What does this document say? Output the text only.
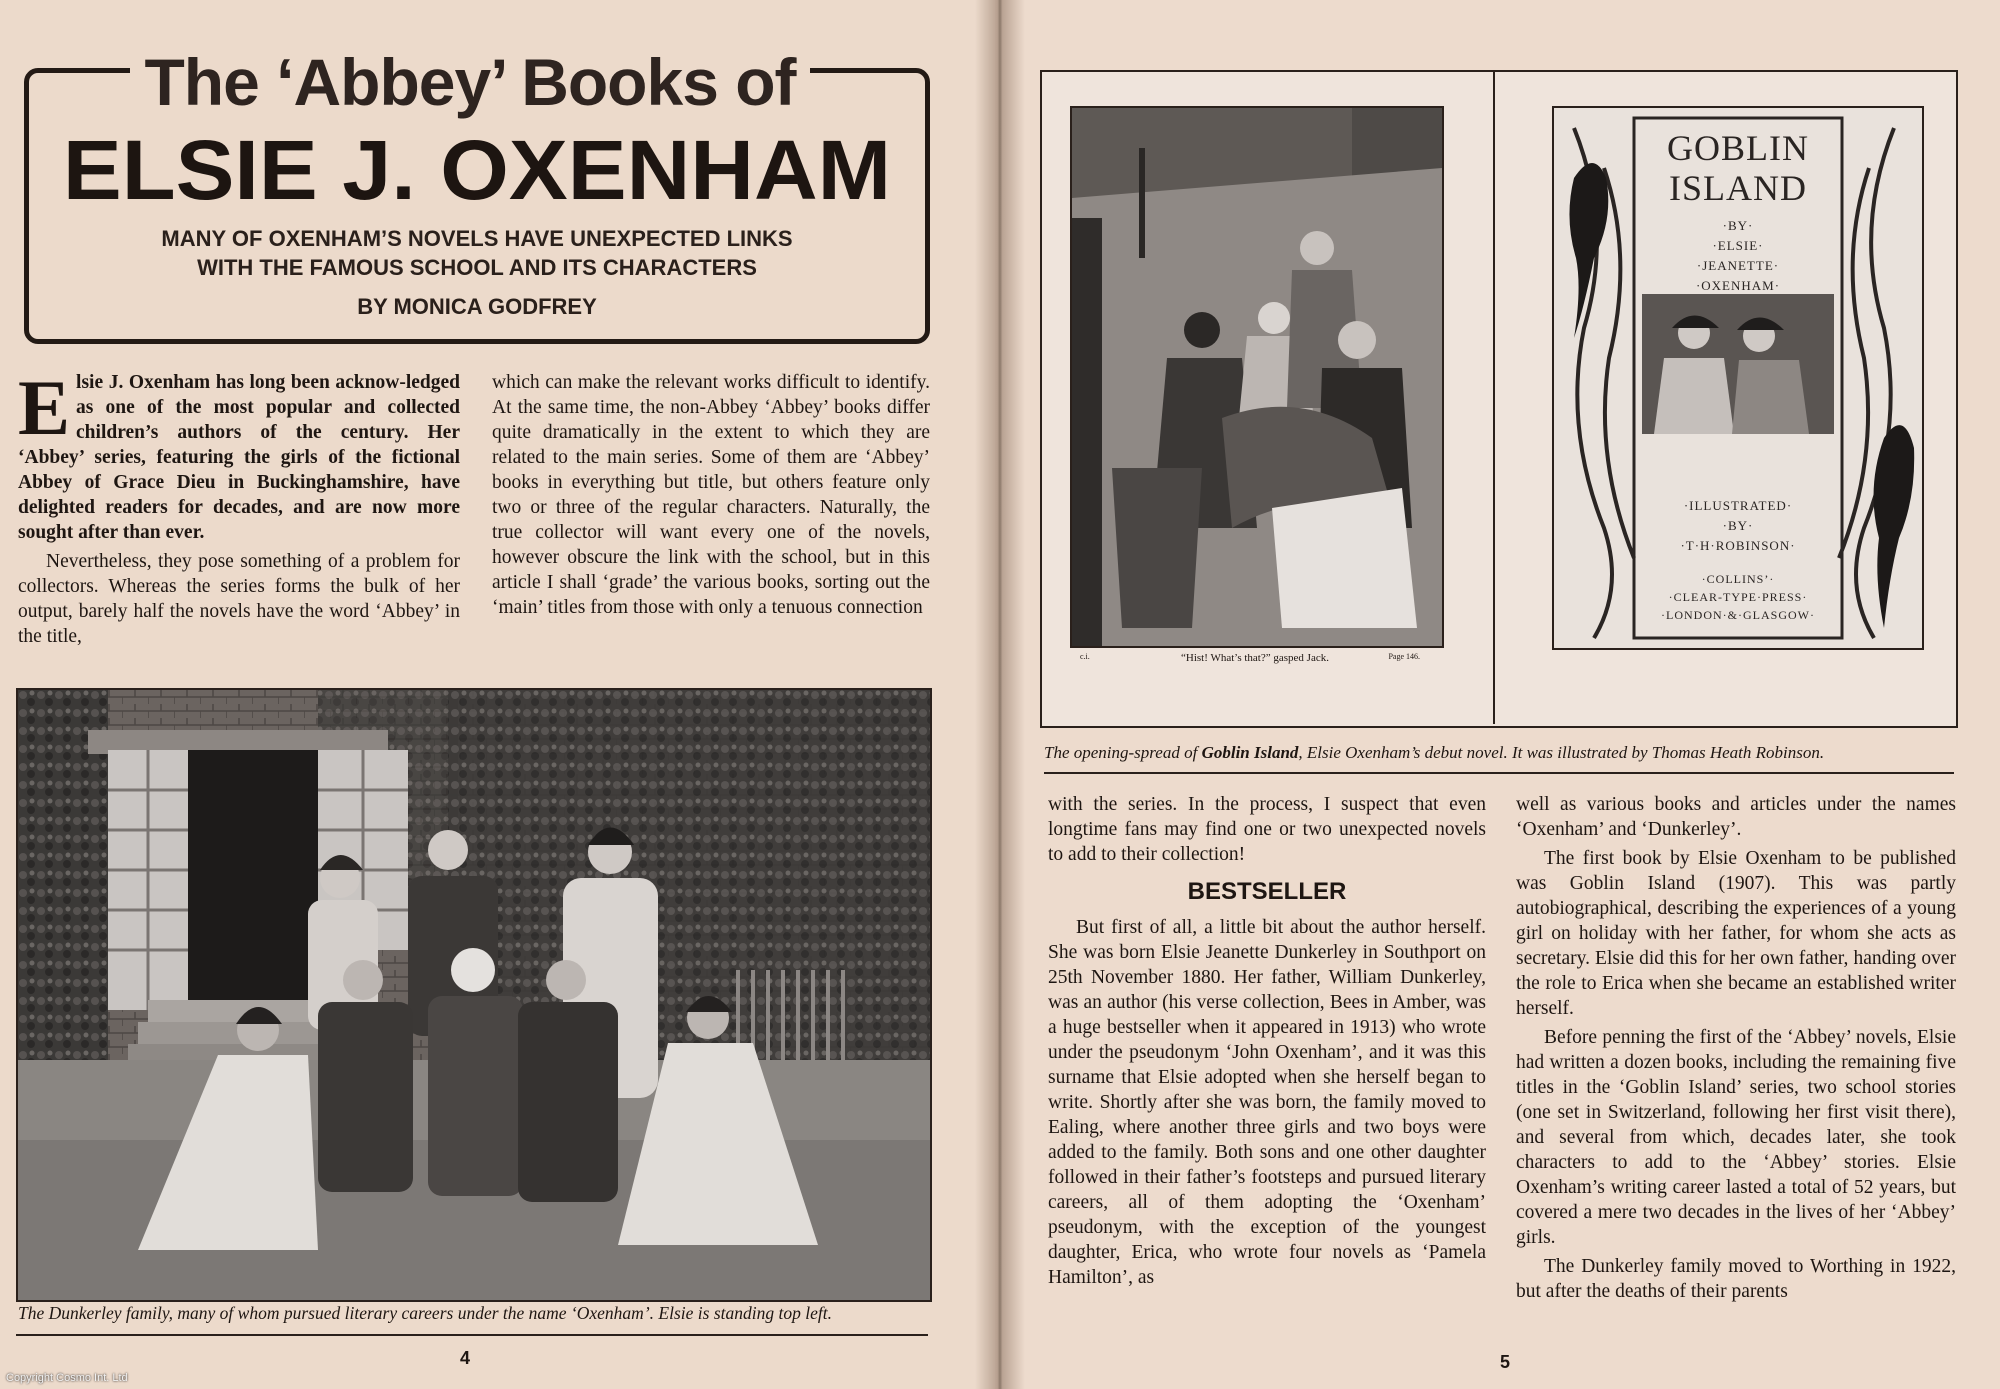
The ‘Abbey’ Books of
ELSIE J. OXENHAM
MANY OF OXENHAM’S NOVELS HAVE UNEXPECTED LINKS
WITH THE FAMOUS SCHOOL AND ITS CHARACTERS
BY MONICA GODFREY

Elsie J. Oxenham has long been acknow-ledged as one of the most popular and collected children’s authors of the century. Her ‘Abbey’ series, featuring the girls of the fictional Abbey of Grace Dieu in Buckinghamshire, have delighted readers for decades, and are now more sought after than ever.

Nevertheless, they pose something of a problem for collectors. Whereas the series forms the bulk of her output, barely half the novels have the word ‘Abbey’ in the title,

which can make the relevant works difficult to identify. At the same time, the non-Abbey ‘Abbey’ books differ quite dramatically in the extent to which they are related to the main series. Some of them are ‘Abbey’ books in everything but title, but others feature only two or three of the regular characters. Naturally, the true collector will want every one of the novels, however obscure the link with the school, but in this article I shall ‘grade’ the various books, sorting out the ‘main’ titles from those with only a tenuous connection

The Dunkerley family, many of whom pursued literary careers under the name ‘Oxenham’. Elsie is standing top left.
4
Copyright Cosmo Int. Ltd
c.i.	“Hist! What’s that?” gasped Jack.	Page 146.
GOBLIN
ISLAND
·BY·
·ELSIE·
·JEANETTE·
·OXENHAM·
·ILLUSTRATED·
·BY·
·T·H·ROBINSON·
·COLLINS’·
·CLEAR-TYPE·PRESS·
·LONDON·&·GLASGOW·
The opening-spread of Goblin Island, Elsie Oxenham’s debut novel. It was illustrated by Thomas Heath Robinson.

with the series. In the process, I suspect that even longtime fans may find one or two unexpected novels to add to their collection!

But first of all, a little bit about the author herself. She was born Elsie Jeanette Dunkerley in Southport on 25th November 1880. Her father, William Dunkerley, was an author (his verse collection, Bees in Amber, was a huge bestseller when it appeared in 1913) who wrote under the pseudonym ‘John Oxenham’, and it was this surname that Elsie adopted when she herself began to write. Shortly after she was born, the family moved to Ealing, where another three girls and two boys were added to the family. Both sons and one other daughter followed in their father’s footsteps and pursued literary careers, all of them adopting the ‘Oxenham’ pseudonym, with the exception of the youngest daughter, Erica, who wrote four novels as ‘Pamela Hamilton’, as

BESTSELLER

well as various books and articles under the names ‘Oxenham’ and ‘Dunkerley’.

The first book by Elsie Oxenham to be published was Goblin Island (1907). This was partly autobiographical, describing the experiences of a young girl on holiday with her father, for whom she acts as secretary. Elsie did this for her own father, handing over the role to Erica when she became an established writer herself.

Before penning the first of the ‘Abbey’ novels, Elsie had written a dozen books, including the remaining five titles in the ‘Goblin Island’ series, two school stories (one set in Switzerland, following her first visit there), and several from which, decades later, she took characters to add to the ‘Abbey’ stories. Elsie Oxenham’s writing career lasted a total of 52 years, but covered a mere two decades in the lives of her ‘Abbey’ girls.

The Dunkerley family moved to Worthing in 1922, but after the deaths of their parents

5
